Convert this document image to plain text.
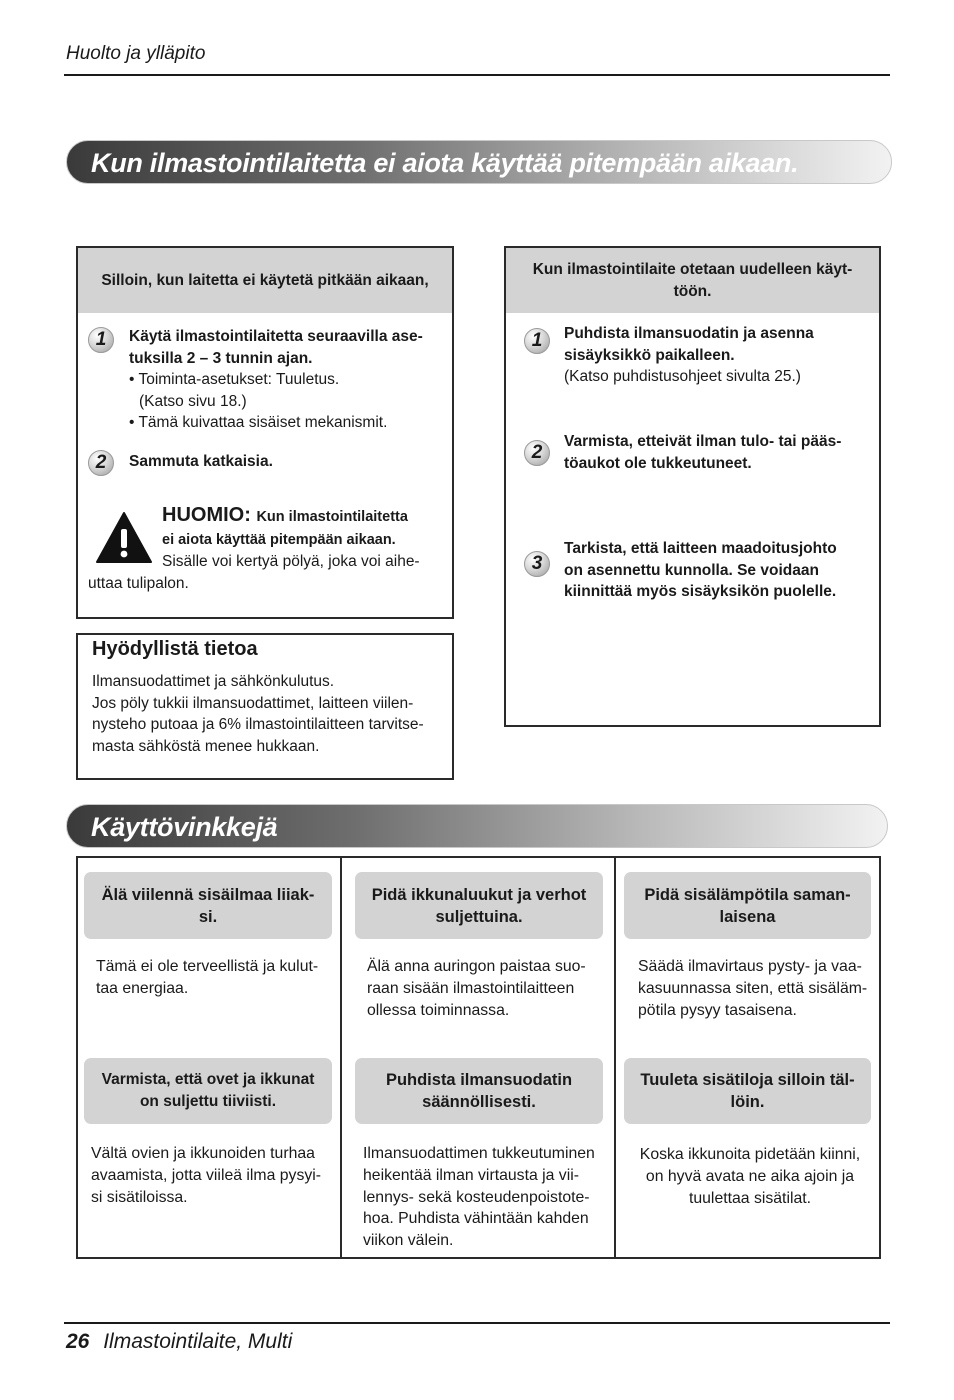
Huolto ja ylläpito
Kun ilmastointilaitetta ei aiota käyttää pitempään aikaan.
Silloin, kun laitetta ei käytetä pitkään aikaan,
1	Käytä ilmastointilaitetta seuraavilla ase-
tuksilla 2 – 3 tunnin ajan.
• Toiminta-asetukset: Tuuletus.
(Katso sivu 18.)
• Tämä kuivattaa sisäiset mekanismit.
2	Sammuta katkaisia.
HUOMIO: Kun ilmastointilaitetta
ei aiota käyttää pitempään aikaan.
Sisälle voi kertyä pölyä, joka voi aihe-
uttaa tulipalon.
Hyödyllistä tietoa
Ilmansuodattimet ja sähkönkulutus.
Jos pöly tukkii ilmansuodattimet, laitteen viilen-
nysteho putoaa ja 6% ilmastointilaitteen tarvitse-
masta sähköstä menee hukkaan.
Kun ilmastointilaite otetaan uudelleen käyt-
töön.
1	Puhdista ilmansuodatin ja asenna
sisäyksikkö paikalleen.
(Katso puhdistusohjeet sivulta 25.)
2
Varmista, etteivät ilman tulo- tai pääs-
töaukot ole tukkeutuneet.
3
Tarkista, että laitteen maadoitusjohto
on asennettu kunnolla. Se voidaan
kiinnittää myös sisäyksikön puolelle.
Käyttövinkkejä
Älä viilennä sisäilmaa liiak-
si.
Tämä ei ole terveellistä ja kulut-
taa energiaa.
Pidä ikkunaluukut ja verhot
suljettuina.
Älä anna auringon paistaa suo-
raan sisään ilmastointilaitteen
ollessa toiminnassa.
Pidä sisälämpötila saman-
laisena
Säädä ilmavirtaus pysty- ja vaa-
kasuunnassa siten, että sisäläm-
pötila pysyy tasaisena.
Varmista, että ovet ja ikkunat
on suljettu tiiviisti.
Vältä ovien ja ikkunoiden turhaa
avaamista, jotta viileä ilma pysyi-
si sisätiloissa.
Puhdista ilmansuodatin
säännöllisesti.
Ilmansuodattimen tukkeutuminen
heikentää ilman virtausta ja vii-
lennys- sekä kosteudenpoistote-
hoa. Puhdista vähintään kahden
viikon välein.
Tuuleta sisätiloja silloin täl-
löin.
Koska ikkunoita pidetään kiinni,
on hyvä avata ne aika ajoin ja
tuulettaa sisätilat.
26 Ilmastointilaite, Multi
